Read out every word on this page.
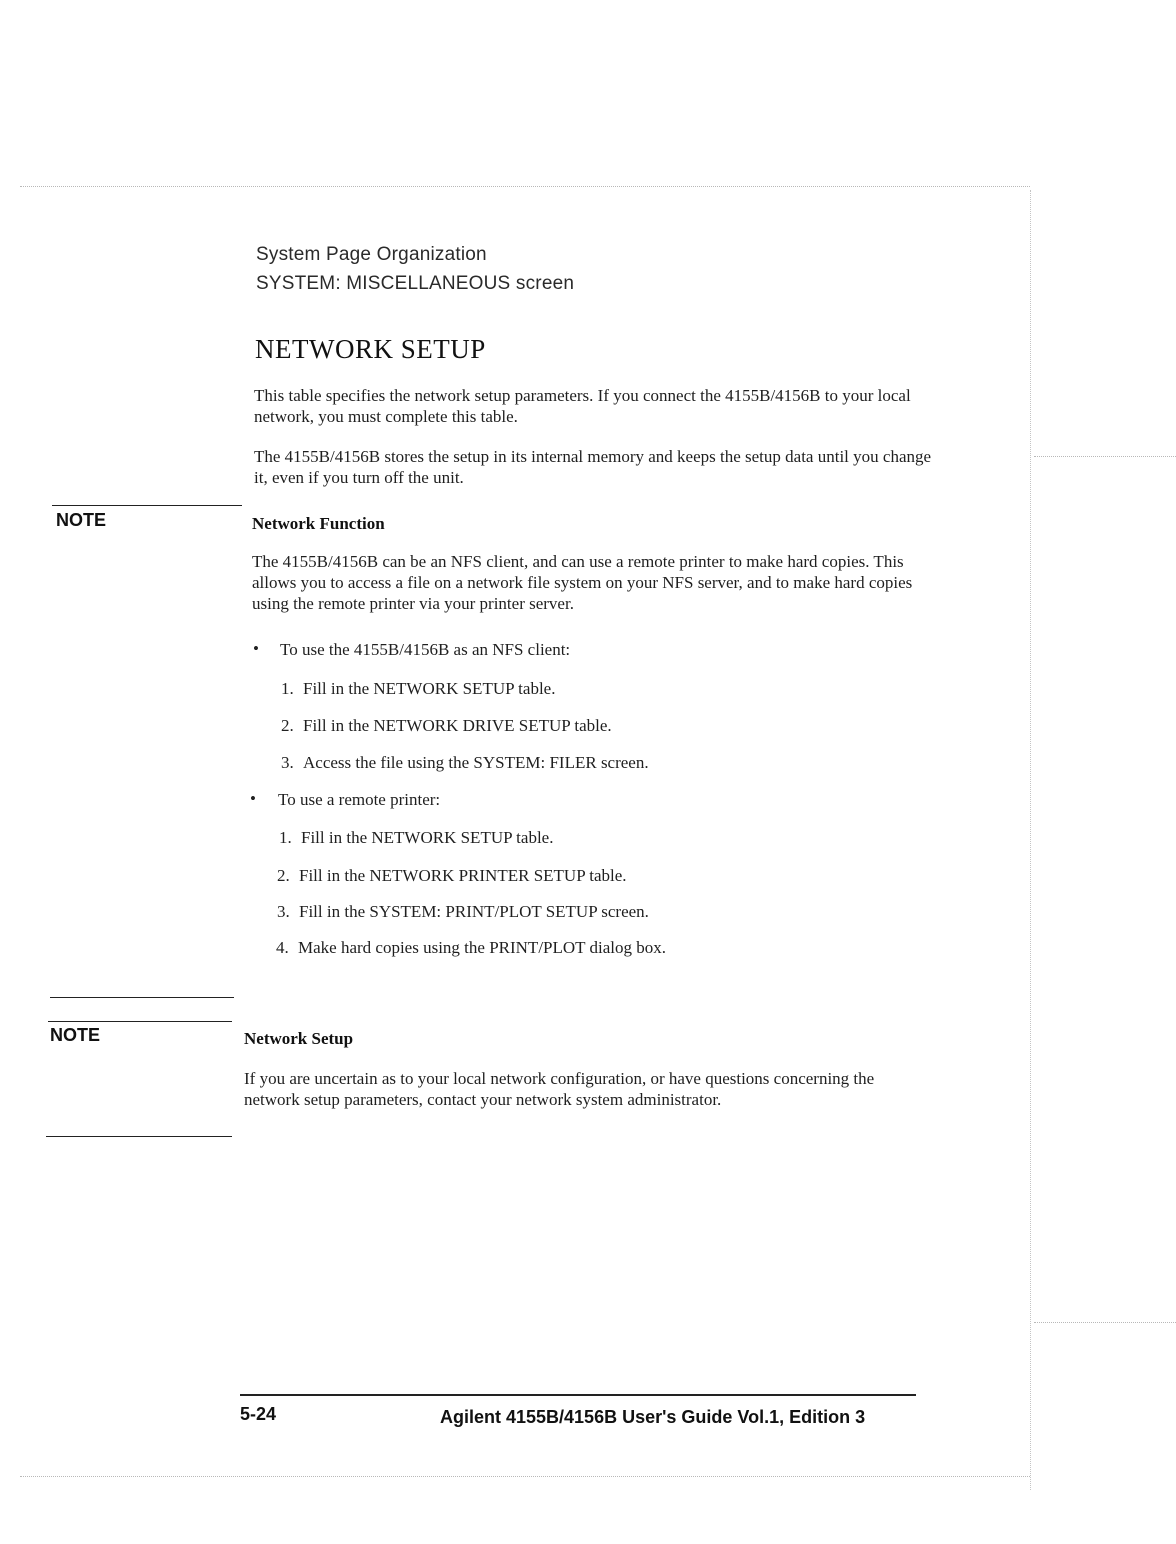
System Page Organization
SYSTEM: MISCELLANEOUS screen
NETWORK SETUP
This table specifies the network setup parameters. If you connect the 4155B/4156B to your local network, you must complete this table.
The 4155B/4156B stores the setup in its internal memory and keeps the setup data until you change it, even if you turn off the unit.
NOTE	Network Function
The 4155B/4156B can be an NFS client, and can use a remote printer to make hard copies. This allows you to access a file on a network file system on your NFS server, and to make hard copies using the remote printer via your printer server.
• To use the 4155B/4156B as an NFS client:
1. Fill in the NETWORK SETUP table.
2. Fill in the NETWORK DRIVE SETUP table.
3. Access the file using the SYSTEM: FILER screen.
• To use a remote printer:
1. Fill in the NETWORK SETUP table.
2. Fill in the NETWORK PRINTER SETUP table.
3. Fill in the SYSTEM: PRINT/PLOT SETUP screen.
4. Make hard copies using the PRINT/PLOT dialog box.
NOTE	Network Setup
If you are uncertain as to your local network configuration, or have questions concerning the network setup parameters, contact your network system administrator.
5-24	Agilent 4155B/4156B User's Guide Vol.1, Edition 3
